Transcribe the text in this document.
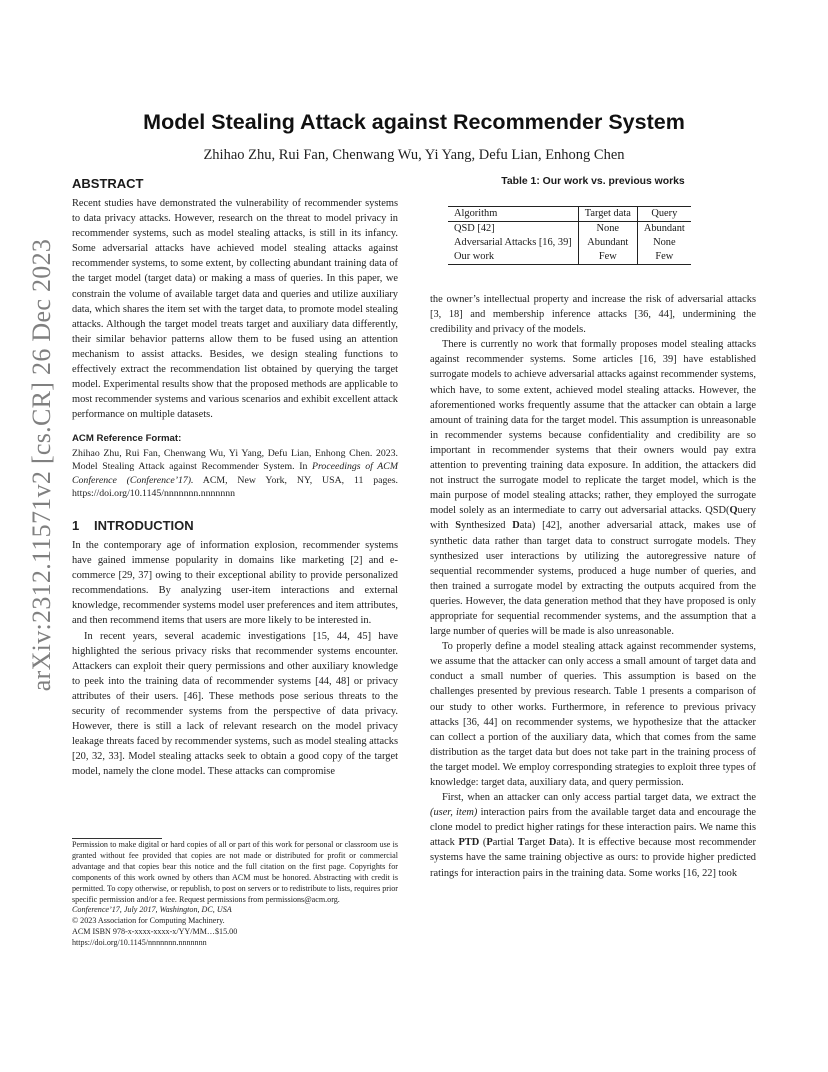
arXiv:2312.11571v2 [cs.CR] 26 Dec 2023
Model Stealing Attack against Recommender System
Zhihao Zhu, Rui Fan, Chenwang Wu, Yi Yang, Defu Lian, Enhong Chen
ABSTRACT

Recent studies have demonstrated the vulnerability of recommender systems to data privacy attacks. However, research on the threat to model privacy in recommender systems, such as model stealing attacks, is still in its infancy. Some adversarial attacks have achieved model stealing attacks against recommender systems, to some extent, by collecting abundant training data of the target model (target data) or making a mass of queries. In this paper, we constrain the volume of available target data and queries and utilize auxiliary data, which shares the item set with the target data, to promote model stealing attacks. Although the target model treats target and auxiliary data differently, their similar behavior patterns allow them to be fused using an attention mechanism to assist attacks. Besides, we design stealing functions to effectively extract the recommendation list obtained by querying the target model. Experimental results show that the proposed methods are applicable to most recommender systems and various scenarios and exhibit excellent attack performance on multiple datasets.

ACM Reference Format:

Zhihao Zhu, Rui Fan, Chenwang Wu, Yi Yang, Defu Lian, Enhong Chen. 2023. Model Stealing Attack against Recommender System. In Proceedings of ACM Conference (Conference’17). ACM, New York, NY, USA, 11 pages. https://doi.org/10.1145/nnnnnnn.nnnnnnn

1 INTRODUCTION

In the contemporary age of information explosion, recommender systems have gained immense popularity in domains like marketing [2] and e-commerce [29, 37] owing to their exceptional ability to provide personalized recommendations. By analyzing user-item interactions and external knowledge, recommender systems model user preferences and item attributes, and then recommend items that users are more likely to be interested in.

In recent years, several academic investigations [15, 44, 45] have highlighted the serious privacy risks that recommender systems encounter. Attackers can exploit their query permissions and other auxiliary knowledge to peek into the training data of recommender systems [44, 48] or privacy attributes of their users. [46]. These methods pose serious threats to the security of recommender systems from the perspective of data privacy. However, there is still a lack of relevant research on the model privacy leakage threats faced by recommender systems, such as model stealing attacks [20, 32, 33]. Model stealing attacks seek to obtain a good copy of the target model, namely the clone model. These attacks can compromise

Permission to make digital or hard copies of all or part of this work for personal or classroom use is granted without fee provided that copies are not made or distributed for profit or commercial advantage and that copies bear this notice and the full citation on the first page. Copyrights for components of this work owned by others than ACM must be honored. Abstracting with credit is permitted. To copy otherwise, or republish, to post on servers or to redistribute to lists, requires prior specific permission and/or a fee. Request permissions from permissions@acm.org.

Conference’17, July 2017, Washington, DC, USA
© 2023 Association for Computing Machinery.
ACM ISBN 978-x-xxxx-xxxx-x/YY/MM…$15.00
https://doi.org/10.1145/nnnnnnn.nnnnnnn
Table 1: Our work vs. previous works
Algorithm	Target data	Query
QSD [42]	None	Abundant
Adversarial Attacks [16, 39]	Abundant	None
Our work	Few	Few

the owner’s intellectual property and increase the risk of adversarial attacks [3, 18] and membership inference attacks [36, 44], undermining the credibility and privacy of the models.

There is currently no work that formally proposes model stealing attacks against recommender systems. Some articles [16, 39] have established surrogate models to achieve adversarial attacks against recommender systems, which have, to some extent, achieved model stealing attacks. However, the aforementioned works frequently assume that the attacker can obtain a large amount of training data for the target model. This assumption is unreasonable in recommender systems because confidentiality and credibility are so important in recommender systems that their owners would pay extra attention to preventing training data exposure. In addition, the attackers did not instruct the surrogate model to replicate the target model, which is the main purpose of model stealing attacks; rather, they employed the surrogate model solely as an intermediate to carry out adversarial attacks. QSD(Query with Synthesized Data) [42], another adversarial attack, makes use of synthetic data rather than target data to construct surrogate models. They synthesized user interactions by utilizing the autoregressive nature of sequential recommender systems, produced a huge number of queries, and then trained a surrogate model by extracting the outputs acquired from the queries. However, the data generation method that they have proposed is only appropriate for sequential recommender systems, and the assumption that a large number of queries will be made is also unreasonable.

To properly define a model stealing attack against recommender systems, we assume that the attacker can only access a small amount of target data and conduct a small number of queries. This assumption is based on the challenges presented by previous research. Table 1 presents a comparison of our study to other works. Furthermore, in reference to previous privacy attacks [36, 44] on recommender systems, we hypothesize that the attacker can collect a portion of the auxiliary data, which that comes from the same distribution as the target data but does not take part in the training process of the target model. We employ corresponding strategies to exploit three types of knowledge: target data, auxiliary data, and query permission.

First, when an attacker can only access partial target data, we extract the (user, item) interaction pairs from the available target data and encourage the clone model to predict higher ratings for these interaction pairs. We name this attack PTD (Partial Target Data). It is effective because most recommender systems have the same training objective as ours: to provide higher predicted ratings for interaction pairs in the training data. Some works [16, 22] took
